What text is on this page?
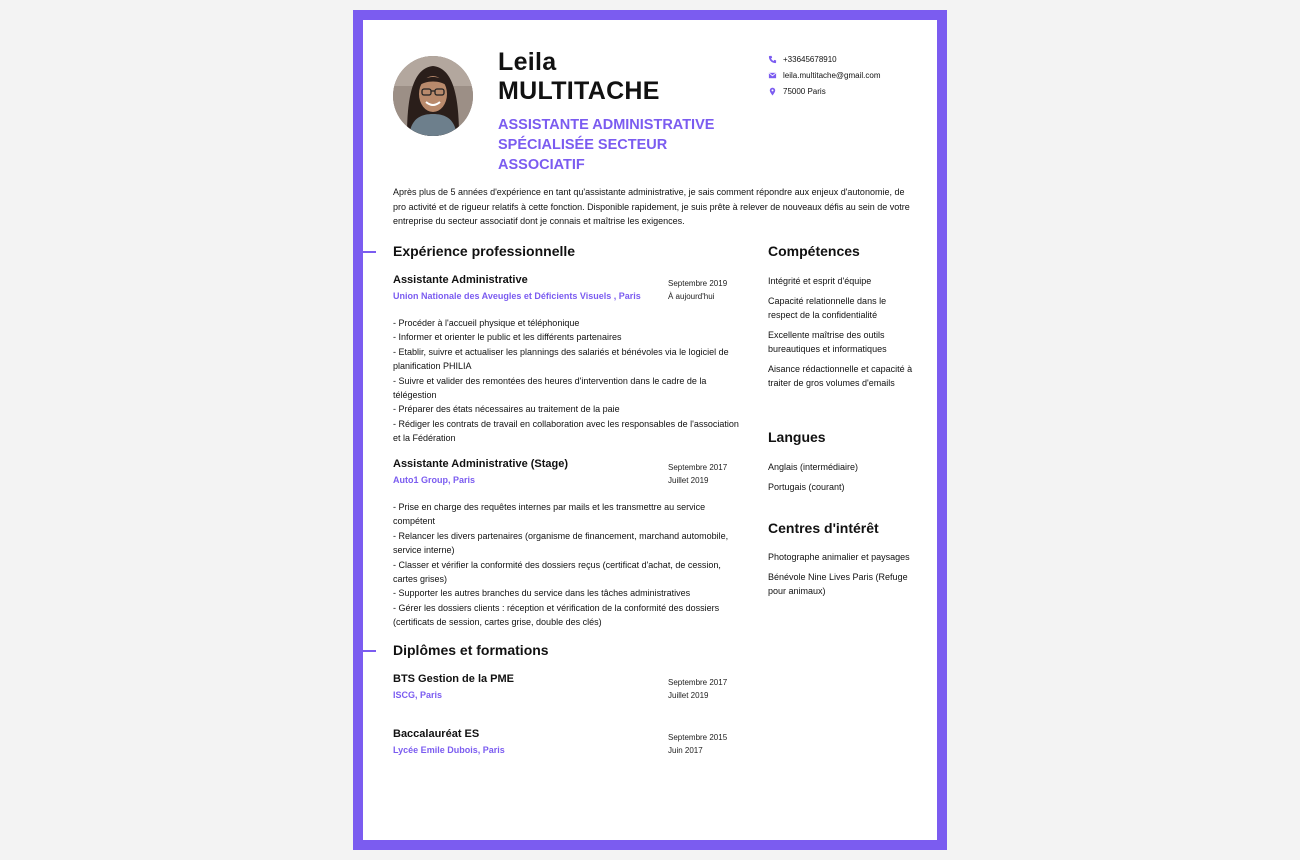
Leila
MULTITACHE
ASSISTANTE ADMINISTRATIVE SPÉCIALISÉE SECTEUR ASSOCIATIF
+33645678910
leila.multitache@gmail.com
75000 Paris
Après plus de 5 années d'expérience en tant qu'assistante administrative, je sais comment répondre aux enjeux d'autonomie, de pro activité et de rigueur relatifs à cette fonction. Disponible rapidement, je suis prête à relever de nouveaux défis au sein de votre entreprise du secteur associatif dont je connais et maîtrise les exigences.
Expérience professionnelle
Assistante Administrative
Union Nationale des Aveugles et Déficients Visuels , Paris
Septembre 2019
À aujourd'hui
- Procéder à l'accueil physique et téléphonique
- Informer et orienter le public et les différents partenaires
- Etablir, suivre et actualiser les plannings des salariés et bénévoles via le logiciel de planification PHILIA
- Suivre et valider des remontées des heures d'intervention dans le cadre de la télégestion
- Préparer des états nécessaires au traitement de la paie
- Rédiger les contrats de travail en collaboration avec les responsables de l'association et la Fédération
Assistante Administrative (Stage)
Auto1 Group, Paris
Septembre 2017
Juillet 2019
- Prise en charge des requêtes internes par mails et les transmettre au service compétent
- Relancer les divers partenaires (organisme de financement, marchand automobile, service interne)
- Classer et vérifier la conformité des dossiers reçus (certificat d'achat, de cession, cartes grises)
- Supporter les autres branches du service dans les tâches administratives
- Gérer les dossiers clients : réception et vérification de la conformité des dossiers (certificats de session, cartes grise, double des clés)
Diplômes et formations
BTS Gestion de la PME
ISCG, Paris
Septembre 2017
Juillet 2019
Baccalauréat ES
Lycée Emile Dubois, Paris
Septembre 2015
Juin 2017
Compétences
Intégrité et esprit d'équipe
Capacité relationnelle dans le respect de la confidentialité
Excellente maîtrise des outils bureautiques et informatiques
Aisance rédactionnelle et capacité à traiter de gros volumes d'emails
Langues
Anglais (intermédiaire)
Portugais (courant)
Centres d'intérêt
Photographe animalier et paysages
Bénévole Nine Lives Paris (Refuge pour animaux)
